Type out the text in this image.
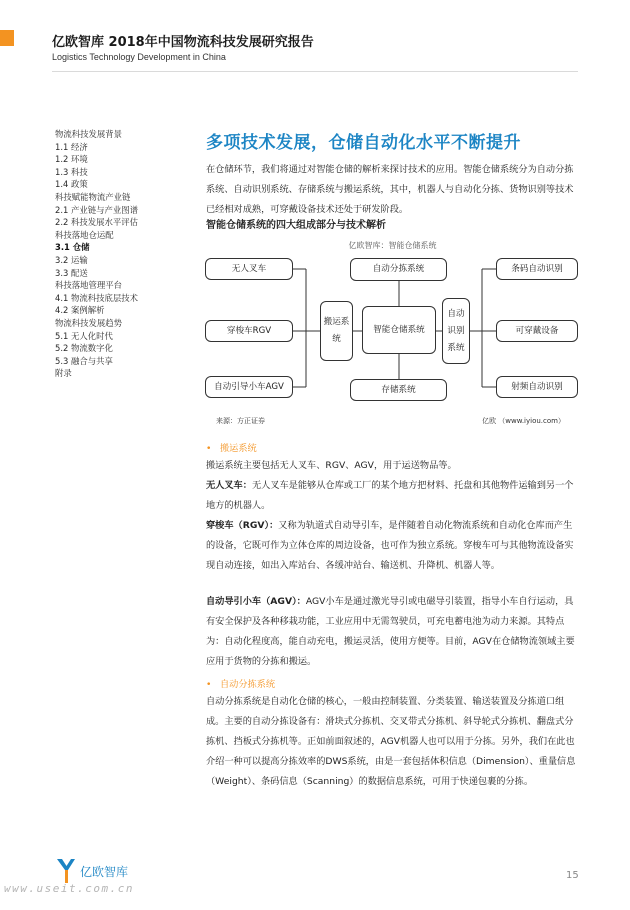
亿欧智库 2018年中国物流科技发展研究报告
Logistics Technology Development in China
物流科技发展背景
1.1 经济
1.2 环境
1.3 科技
1.4 政策
科技赋能物流产业链
2.1 产业链与产业图谱
2.2 科技发展水平评估
科技落地仓运配
3.1 仓储
3.2 运输
3.3 配送
科技落地管理平台
4.1 物流科技底层技术
4.2 案例解析
物流科技发展趋势
5.1 无人化时代
5.2 物流数字化
5.3 融合与共享
附录
多项技术发展，仓储自动化水平不断提升
在仓储环节，我们将通过对智能仓储的解析来探讨技术的应用。智能仓储系统分为自动分拣系统、自动识别系统、存储系统与搬运系统，其中，机器人与自动化分拣、货物识别等技术已经相对成熟，可穿戴设备技术还处于研发阶段。
智能仓储系统的四大组成部分与技术解析
亿欧智库：智能仓储系统
无人叉车
穿梭车RGV
自动引导小车AGV
搬运系统
自动分拣系统
智能仓储系统
存储系统
自动识别系统
条码自动识别
可穿戴设备
射频自动识别
来源：方正证券	亿欧 （www.iyiou.com）
• 搬运系统
搬运系统主要包括无人叉车、RGV、AGV，用于运送物品等。
无人叉车：无人叉车是能够从仓库或工厂的某个地方把材料、托盘和其他物件运输到另一个地方的机器人。
穿梭车（RGV）：又称为轨道式自动导引车，是伴随着自动化物流系统和自动化仓库而产生的设备，它既可作为立体仓库的周边设备，也可作为独立系统。穿梭车可与其他物流设备实现自动连接，如出入库站台、各缓冲站台、输送机、升降机、机器人等。
自动导引小车（AGV）：AGV小车是通过激光导引或电磁导引装置，指导小车自行运动，具有安全保护及各种移栽功能，工业应用中无需驾驶员，可充电蓄电池为动力来源。其特点为：自动化程度高，能自动充电，搬运灵活，使用方便等。目前，AGV在仓储物流领域主要应用于货物的分拣和搬运。
• 自动分拣系统
自动分拣系统是自动化仓储的核心，一般由控制装置、分类装置、输送装置及分拣道口组成。主要的自动分拣设备有：滑块式分拣机、交叉带式分拣机、斜导轮式分拣机、翻盘式分拣机、挡板式分拣机等。正如前面叙述的，AGV机器人也可以用于分拣。另外，我们在此也介绍一种可以提高分拣效率的DWS系统，由是一套包括体积信息（Dimension）、重量信息（Weight）、条码信息（Scanning）的数据信息系统，可用于快递包裹的分拣。
亿欧智库	15
www.useit.com.cn
